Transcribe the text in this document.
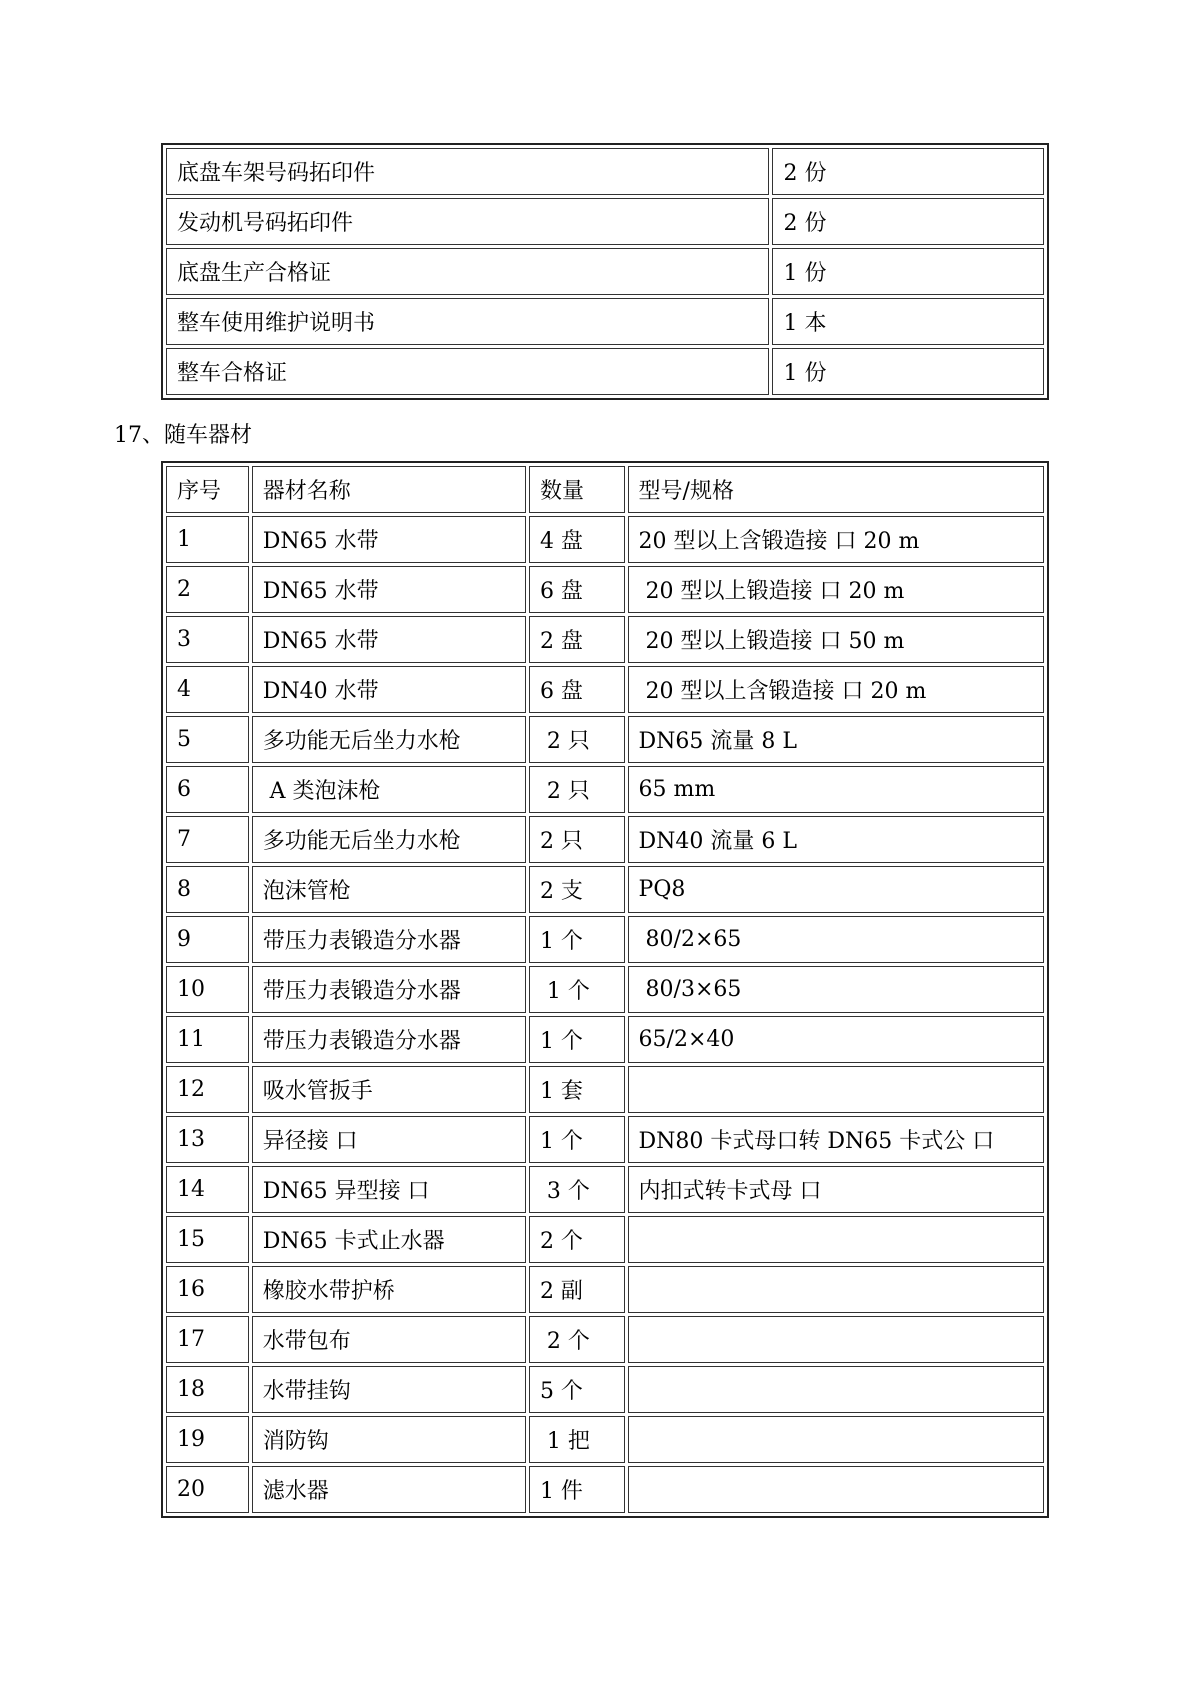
底盘车架号码拓印件	2 份
发动机号码拓印件	2 份
底盘生产合格证	1 份
整车使用维护说明书	1 本
整车合格证	1 份
17、随车器材
序号	器材名称	数量	型号/规格
1	DN65 水带	4 盘	20 型以上含锻造接 口 20 m
2	DN65 水带	6 盘	20 型以上锻造接 口 20 m
3	DN65 水带	2 盘	20 型以上锻造接 口 50 m
4	DN40 水带	6 盘	20 型以上含锻造接 口 20 m
5	多功能无后坐力水枪	2 只	DN65 流量 8 L
6	A 类泡沫枪	2 只	65 mm
7	多功能无后坐力水枪	2 只	DN40 流量 6 L
8	泡沫管枪	2 支	PQ8
9	带压力表锻造分水器	1 个	80/2×65
10	带压力表锻造分水器	1 个	80/3×65
11	带压力表锻造分水器	1 个	65/2×40
12	吸水管扳手	1 套	
13	异径接 口	1 个	DN80 卡式母口转 DN65 卡式公 口
14	DN65 异型接 口	3 个	内扣式转卡式母 口
15	DN65 卡式止水器	2 个	
16	橡胶水带护桥	2 副	
17	水带包布	2 个	
18	水带挂钩	5 个	
19	消防钩	1 把	
20	滤水器	1 件	
